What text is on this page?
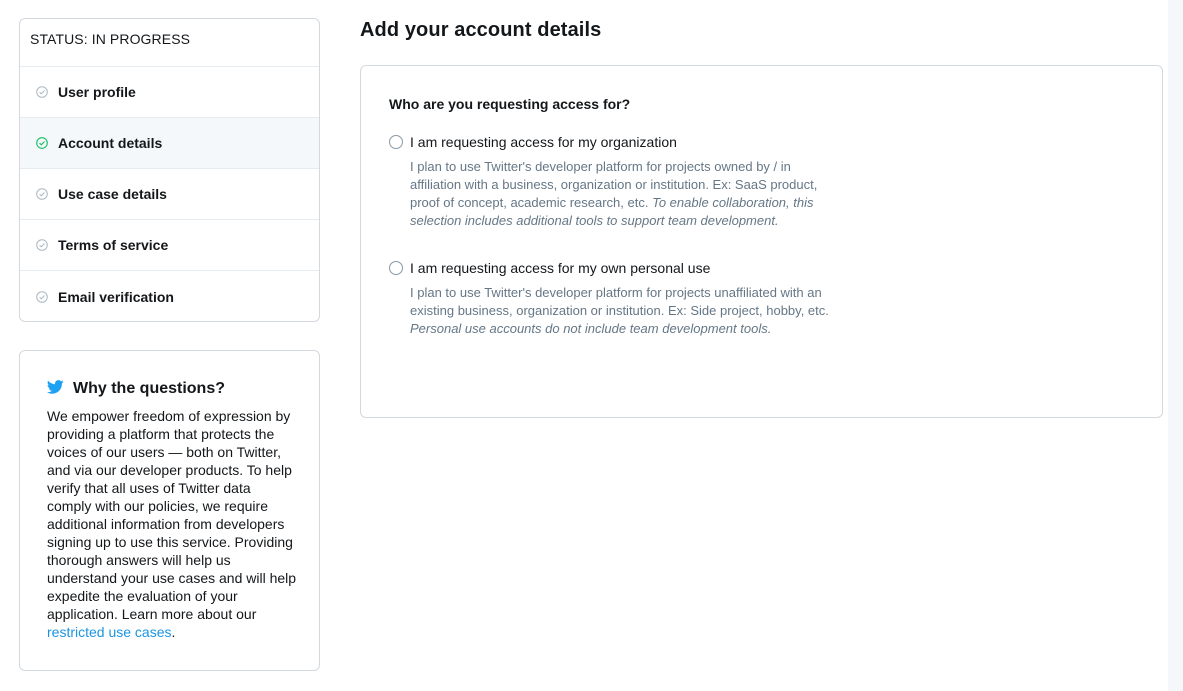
STATUS: IN PROGRESS
User profile
Account details
Use case details
Terms of service
Email verification
Why the questions?
We empower freedom of expression by providing a platform that protects the voices of our users — both on Twitter, and via our developer products. To help verify that all uses of Twitter data comply with our policies, we require additional information from developers signing up to use this service. Providing thorough answers will help us understand your use cases and will help expedite the evaluation of your application. Learn more about our restricted use cases.
Add your account details
Who are you requesting access for?
I am requesting access for my organization
I plan to use Twitter's developer platform for projects owned by / in affiliation with a business, organization or institution. Ex: SaaS product, proof of concept, academic research, etc. To enable collaboration, this selection includes additional tools to support team development.
I am requesting access for my own personal use
I plan to use Twitter's developer platform for projects unaffiliated with an existing business, organization or institution. Ex: Side project, hobby, etc.
Personal use accounts do not include team development tools.
